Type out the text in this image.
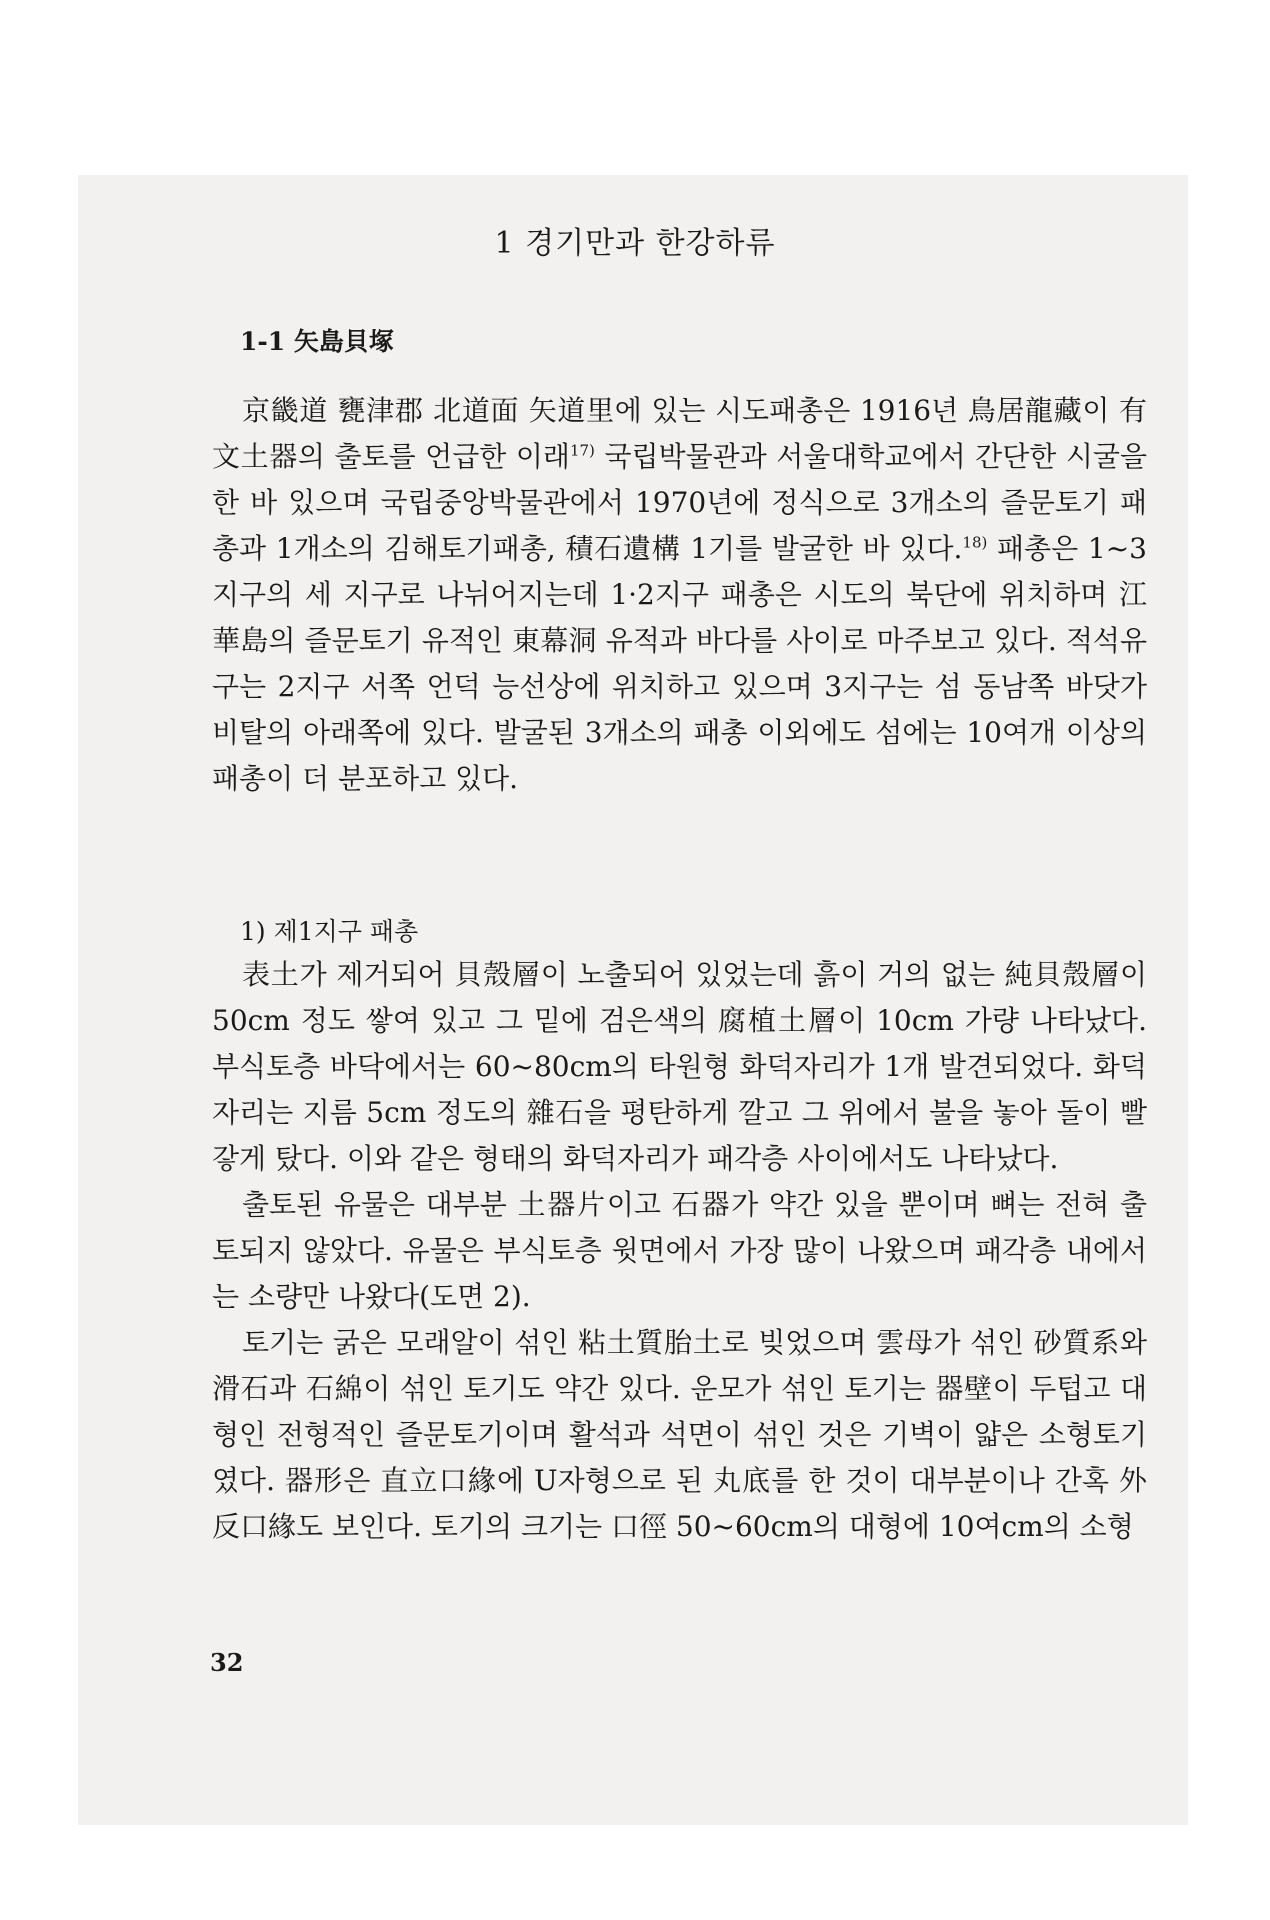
1 경기만과 한강하류
1-1 矢島貝塚

京畿道 甕津郡 北道面 矢道里에 있는 시도패총은 1916년 鳥居龍藏이 有文土器의 출토를 언급한 이래$^{17)}$ 국립박물관과 서울대학교에서 간단한 시굴을 한 바 있으며 국립중앙박물관에서 1970년에 정식으로 3개소의 즐문토기 패총과 1개소의 김해토기패총, 積石遺構 1기를 발굴한 바 있다.$^{18)}$ 패총은 1~3지구의 세 지구로 나뉘어지는데 1·2지구 패총은 시도의 북단에 위치하며 江華島의 즐문토기 유적인 東幕洞 유적과 바다를 사이로 마주보고 있다. 적석유구는 2지구 서쪽 언덕 능선상에 위치하고 있으며 3지구는 섬 동남쪽 바닷가 비탈의 아래쪽에 있다. 발굴된 3개소의 패총 이외에도 섬에는 10여개 이상의 패총이 더 분포하고 있다.

1) 제1지구 패총

表土가 제거되어 貝殼層이 노출되어 있었는데 흙이 거의 없는 純貝殼層이 50cm 정도 쌓여 있고 그 밑에 검은색의 腐植土層이 10cm 가량 나타났다. 부식토층 바닥에서는 60~80cm의 타원형 화덕자리가 1개 발견되었다. 화덕자리는 지름 5cm 정도의 雜石을 평탄하게 깔고 그 위에서 불을 놓아 돌이 빨갛게 탔다. 이와 같은 형태의 화덕자리가 패각층 사이에서도 나타났다.

출토된 유물은 대부분 土器片이고 石器가 약간 있을 뿐이며 뼈는 전혀 출토되지 않았다. 유물은 부식토층 윗면에서 가장 많이 나왔으며 패각층 내에서는 소량만 나왔다(도면 2).

토기는 굵은 모래알이 섞인 粘土質胎土로 빚었으며 雲母가 섞인 砂質系와 滑石과 石綿이 섞인 토기도 약간 있다. 운모가 섞인 토기는 器壁이 두텁고 대형인 전형적인 즐문토기이며 활석과 석면이 섞인 것은 기벽이 얇은 소형토기였다. 器形은 直立口緣에 U자형으로 된 丸底를 한 것이 대부분이나 간혹 外反口緣도 보인다. 토기의 크기는 口徑 50~60cm의 대형에 10여cm의 소형

32
